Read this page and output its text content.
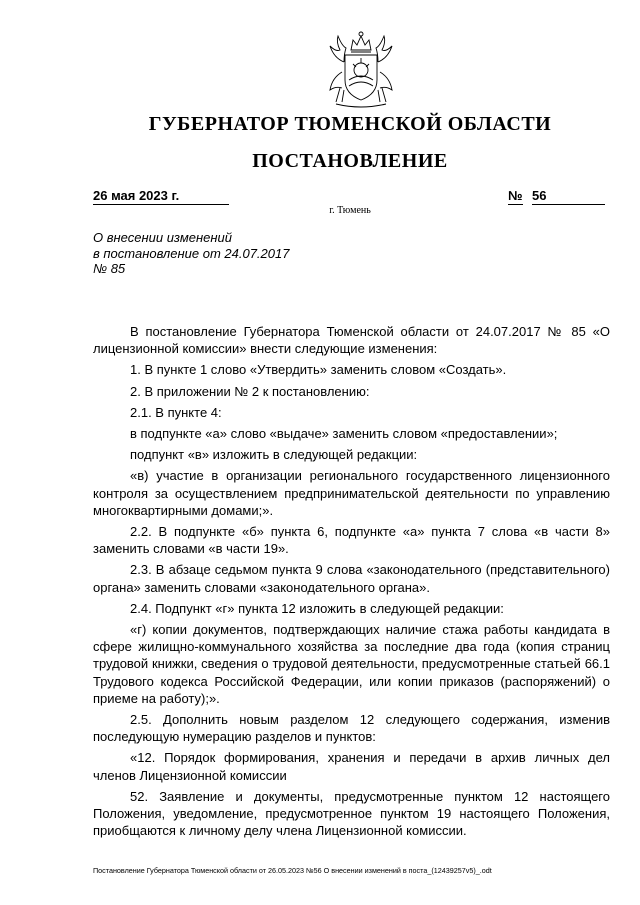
ГУБЕРНАТОР ТЮМЕНСКОЙ ОБЛАСТИ
ПОСТАНОВЛЕНИЕ
26 мая 2023 г.	№ 56
г. Тюмень
О внесении изменений
в постановление от 24.07.2017
№ 85

В постановление Губернатора Тюменской области от 24.07.2017 № 85 «О лицензионной комиссии» внести следующие изменения:

1. В пункте 1 слово «Утвердить» заменить словом «Создать».

2. В приложении № 2 к постановлению:

2.1. В пункте 4:

в подпункте «а» слово «выдаче» заменить словом «предоставлении»;

подпункт «в» изложить в следующей редакции:

«в) участие в организации регионального государственного лицензионного контроля за осуществлением предпринимательской деятельности по управлению многоквартирными домами;».

2.2. В подпункте «б» пункта 6, подпункте «а» пункта 7 слова «в части 8» заменить словами «в части 19».

2.3. В абзаце седьмом пункта 9 слова «законодательного (представительного) органа» заменить словами «законодательного органа».

2.4. Подпункт «г» пункта 12 изложить в следующей редакции:

«г) копии документов, подтверждающих наличие стажа работы кандидата в сфере жилищно-коммунального хозяйства за последние два года (копия страниц трудовой книжки, сведения о трудовой деятельности, предусмотренные статьей 66.1 Трудового кодекса Российской Федерации, или копии приказов (распоряжений) о приеме на работу);».

2.5. Дополнить новым разделом 12 следующего содержания, изменив последующую нумерацию разделов и пунктов:

«12. Порядок формирования, хранения и передачи в архив личных дел членов Лицензионной комиссии

52. Заявление и документы, предусмотренные пунктом 12 настоящего Положения, уведомление, предусмотренное пунктом 19 настоящего Положения, приобщаются к личному делу члена Лицензионной комиссии.

Постановление Губернатора Тюменской области от 26.05.2023 №56 О внесении изменений в поста_(12439257v5)_.odt
